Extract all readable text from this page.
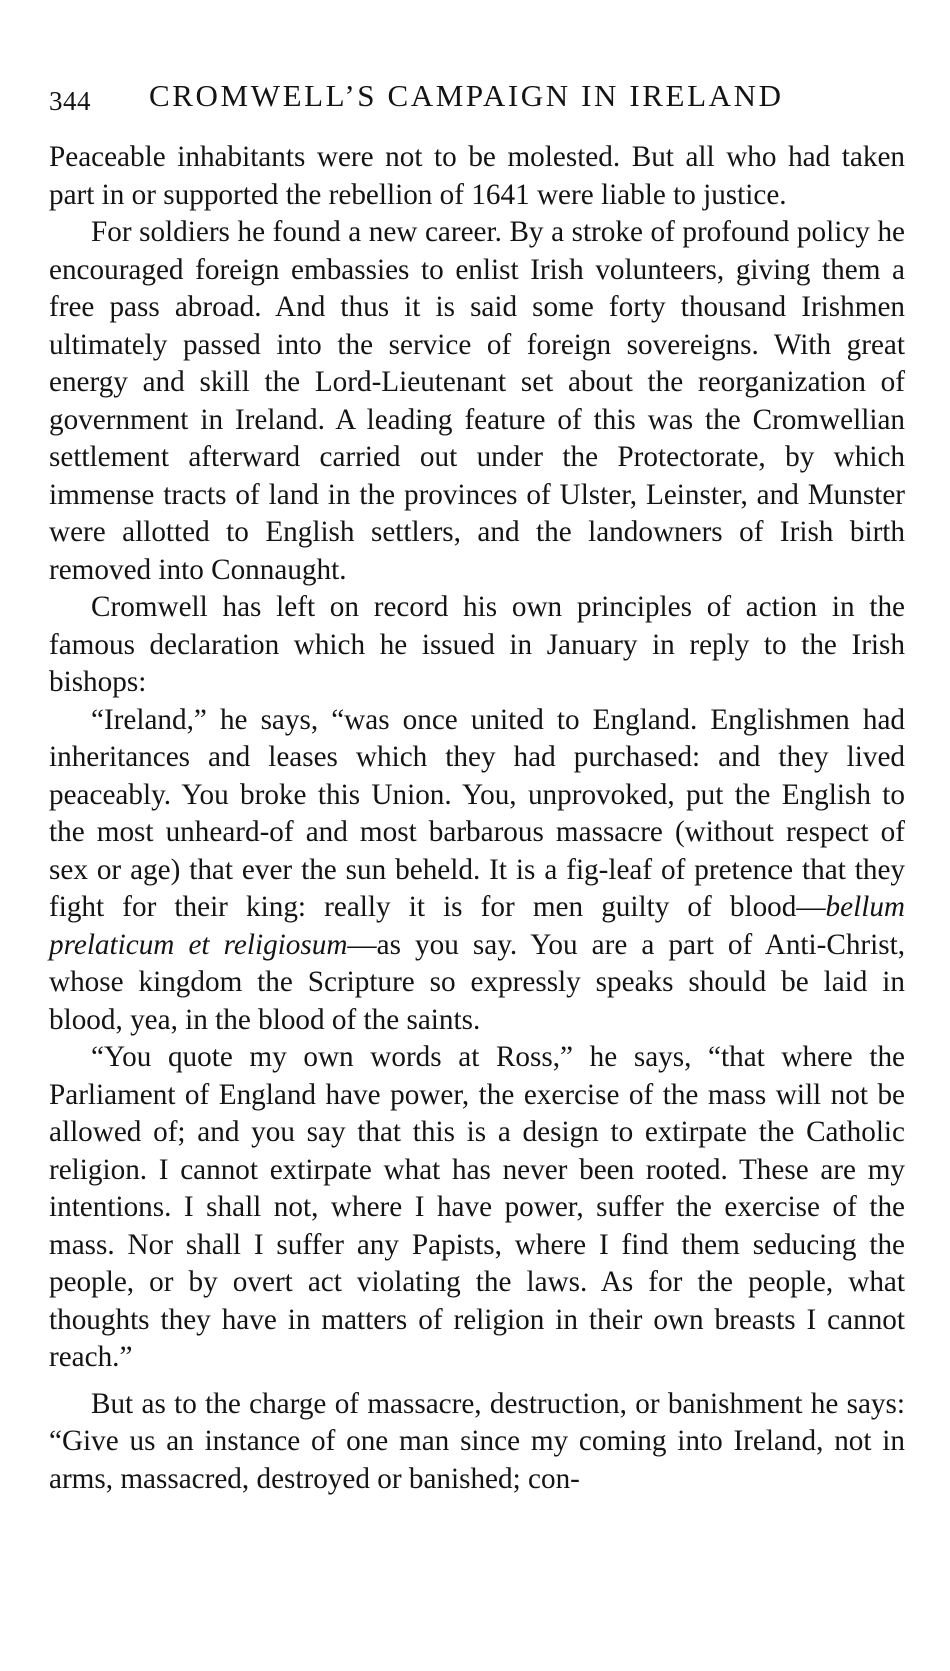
344 CROMWELL’S CAMPAIGN IN IRELAND

Peaceable inhabitants were not to be molested. But all who had taken part in or supported the rebellion of 1641 were liable to justice.

For soldiers he found a new career. By a stroke of profound policy he encouraged foreign embassies to enlist Irish volunteers, giving them a free pass abroad. And thus it is said some forty thousand Irishmen ultimately passed into the service of foreign sovereigns. With great energy and skill the Lord-Lieutenant set about the reorganization of government in Ireland. A leading feature of this was the Cromwellian settlement afterward carried out under the Protectorate, by which immense tracts of land in the provinces of Ulster, Leinster, and Munster were allotted to English settlers, and the landowners of Irish birth removed into Connaught.

Cromwell has left on record his own principles of action in the famous declaration which he issued in January in reply to the Irish bishops:

“Ireland,” he says, “was once united to England. Englishmen had inheritances and leases which they had purchased: and they lived peaceably. You broke this Union. You, unprovoked, put the English to the most unheard-of and most barbarous massacre (without respect of sex or age) that ever the sun beheld. It is a fig-leaf of pretence that they fight for their king: really it is for men guilty of blood—bellum prelaticum et religiosum—as you say. You are a part of Anti-Christ, whose kingdom the Scripture so expressly speaks should be laid in blood, yea, in the blood of the saints.

“You quote my own words at Ross,” he says, “that where the Parliament of England have power, the exercise of the mass will not be allowed of; and you say that this is a design to extirpate the Catholic religion. I cannot extirpate what has never been rooted. These are my intentions. I shall not, where I have power, suffer the exercise of the mass. Nor shall I suffer any Papists, where I find them seducing the people, or by overt act violating the laws. As for the people, what thoughts they have in matters of religion in their own breasts I cannot reach.”

But as to the charge of massacre, destruction, or banishment he says: “Give us an instance of one man since my coming into Ireland, not in arms, massacred, destroyed or banished; con-
